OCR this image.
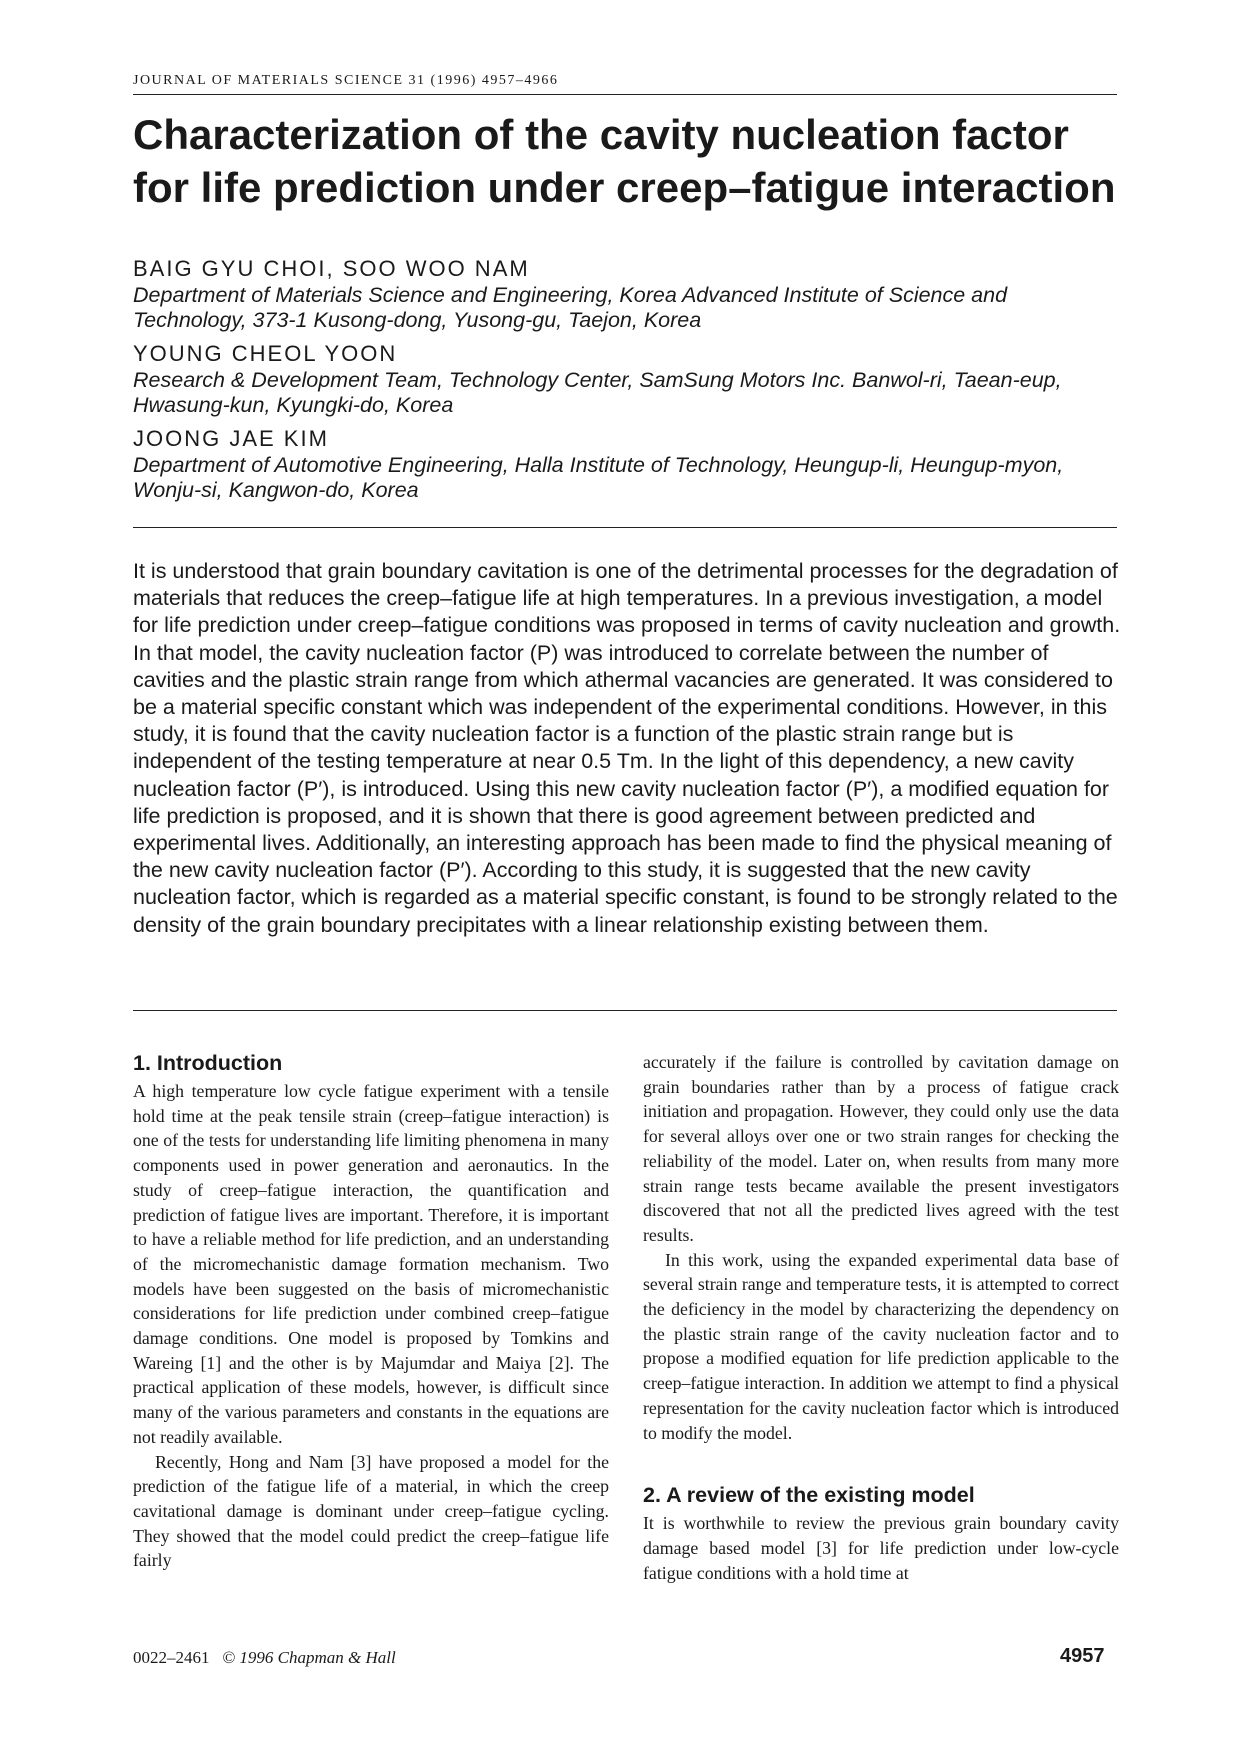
JOURNAL OF MATERIALS SCIENCE 31 (1996) 4957–4966
Characterization of the cavity nucleation factor for life prediction under creep–fatigue interaction
BAIG GYU CHOI, SOO WOO NAM
Department of Materials Science and Engineering, Korea Advanced Institute of Science and Technology, 373-1 Kusong-dong, Yusong-gu, Taejon, Korea
YOUNG CHEOL YOON
Research & Development Team, Technology Center, SamSung Motors Inc. Banwol-ri, Taean-eup, Hwasung-kun, Kyungki-do, Korea
JOONG JAE KIM
Department of Automotive Engineering, Halla Institute of Technology, Heungup-li, Heungup-myon, Wonju-si, Kangwon-do, Korea

It is understood that grain boundary cavitation is one of the detrimental processes for the degradation of materials that reduces the creep–fatigue life at high temperatures. In a previous investigation, a model for life prediction under creep–fatigue conditions was proposed in terms of cavity nucleation and growth. In that model, the cavity nucleation factor (P) was introduced to correlate between the number of cavities and the plastic strain range from which athermal vacancies are generated. It was considered to be a material specific constant which was independent of the experimental conditions. However, in this study, it is found that the cavity nucleation factor is a function of the plastic strain range but is independent of the testing temperature at near 0.5 Tm. In the light of this dependency, a new cavity nucleation factor (P′), is introduced. Using this new cavity nucleation factor (P′), a modified equation for life prediction is proposed, and it is shown that there is good agreement between predicted and experimental lives. Additionally, an interesting approach has been made to find the physical meaning of the new cavity nucleation factor (P′). According to this study, it is suggested that the new cavity nucleation factor, which is regarded as a material specific constant, is found to be strongly related to the density of the grain boundary precipitates with a linear relationship existing between them.

1. Introduction

A high temperature low cycle fatigue experiment with a tensile hold time at the peak tensile strain (creep–fatigue interaction) is one of the tests for understanding life limiting phenomena in many components used in power generation and aeronautics. In the study of creep–fatigue interaction, the quantification and prediction of fatigue lives are important. Therefore, it is important to have a reliable method for life prediction, and an understanding of the micromechanistic damage formation mechanism. Two models have been suggested on the basis of micromechanistic considerations for life prediction under combined creep–fatigue damage conditions. One model is proposed by Tomkins and Wareing [1] and the other is by Majumdar and Maiya [2]. The practical application of these models, however, is difficult since many of the various parameters and constants in the equations are not readily available.

Recently, Hong and Nam [3] have proposed a model for the prediction of the fatigue life of a material, in which the creep cavitational damage is dominant under creep–fatigue cycling. They showed that the model could predict the creep–fatigue life fairly

accurately if the failure is controlled by cavitation damage on grain boundaries rather than by a process of fatigue crack initiation and propagation. However, they could only use the data for several alloys over one or two strain ranges for checking the reliability of the model. Later on, when results from many more strain range tests became available the present investigators discovered that not all the predicted lives agreed with the test results.

In this work, using the expanded experimental data base of several strain range and temperature tests, it is attempted to correct the deficiency in the model by characterizing the dependency on the plastic strain range of the cavity nucleation factor and to propose a modified equation for life prediction applicable to the creep–fatigue interaction. In addition we attempt to find a physical representation for the cavity nucleation factor which is introduced to modify the model.

2. A review of the existing model

It is worthwhile to review the previous grain boundary cavity damage based model [3] for life prediction under low-cycle fatigue conditions with a hold time at

0022–2461 © 1996 Chapman & Hall	4957
